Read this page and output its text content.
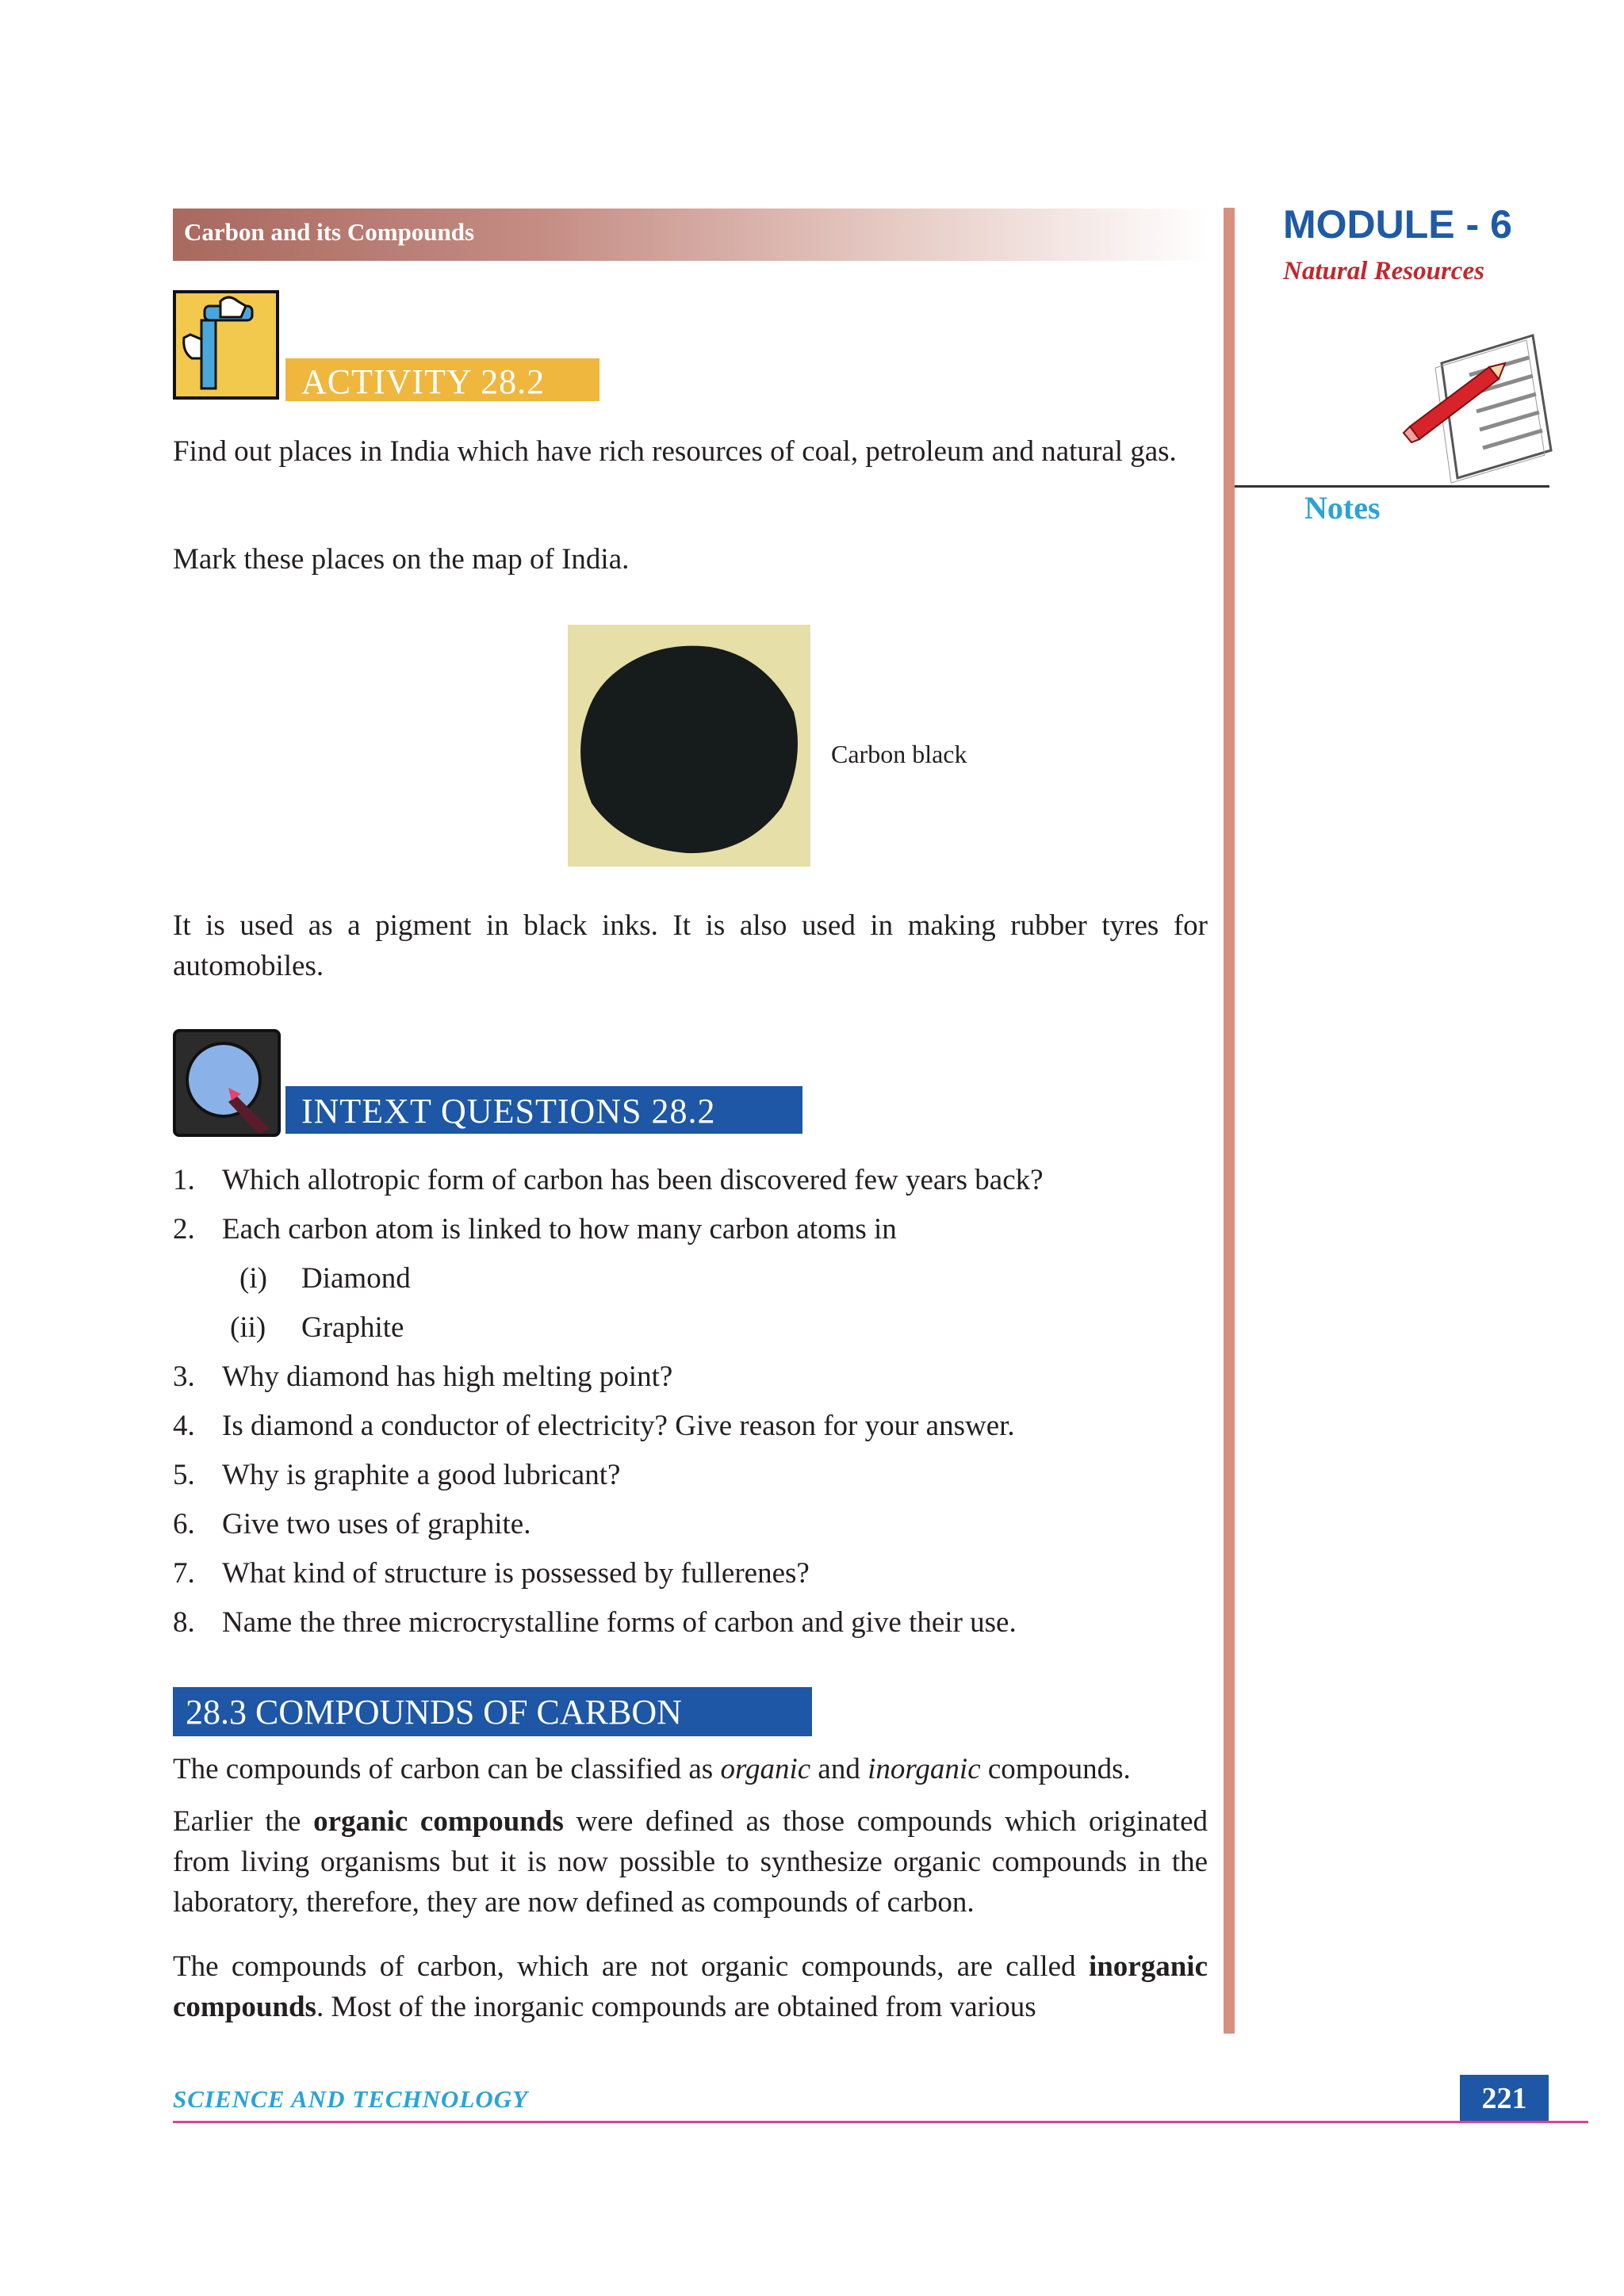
Carbon and its Compounds	MODULE - 6
Natural Resources
Notes
ACTIVITY 28.2
Find out places in India which have rich resources of coal, petroleum and natural gas.
Mark these places on the map of India.
Carbon black
It is used as a pigment in black inks. It is also used in making rubber tyres for automobiles.
INTEXT QUESTIONS 28.2
1. Which allotropic form of carbon has been discovered few years back?
2. Each carbon atom is linked to how many carbon atoms in
(i) Diamond
(ii) Graphite
3. Why diamond has high melting point?
4. Is diamond a conductor of electricity? Give reason for your answer.
5. Why is graphite a good lubricant?
6. Give two uses of graphite.
7. What kind of structure is possessed by fullerenes?
8. Name the three microcrystalline forms of carbon and give their use.
28.3 COMPOUNDS OF CARBON
The compounds of carbon can be classified as organic and inorganic compounds.
Earlier the organic compounds were defined as those compounds which originated from living organisms but it is now possible to synthesize organic compounds in the laboratory, therefore, they are now defined as compounds of carbon.
The compounds of carbon, which are not organic compounds, are called inorganic compounds. Most of the inorganic compounds are obtained from various
SCIENCE AND TECHNOLOGY	221
